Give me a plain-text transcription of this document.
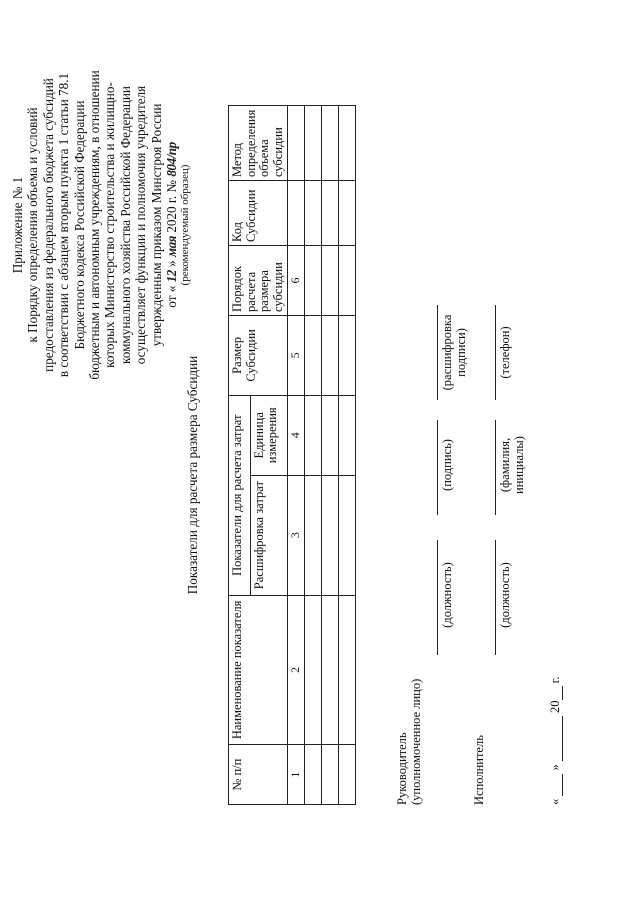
Приложение № 1 к Порядку определения объема и условий предоставления из федерального бюджета субсидий в соответствии с абзацем вторым пункта 1 статьи 78.1 Бюджетного кодекса Российской Федерации бюджетным и автономным учреждениям, в отношении которых Министерство строительства и жилищно- коммунального хозяйства Российской Федерации осуществляет функции и полномочия учредителя утвержденным приказом Минстроя России от « 12 » мая 2020 г. № 804/пр
(рекомендуемый образец)
Показатели для расчета размера Субсидии
№ п/п	Наименование показателя	Показатели для расчета затрат		Размер Субсидии	Порядок расчета размера субсидии	Код Субсидии	Метод определения объема субсидии
		Расшифровка затрат	Единица измерения				
1	2	3	4	5	6		

Руководитель (уполномоченное лицо)
(должность)
(подпись)
(расшифровка подписи)
Исполнитель
(должность)
(фамилия, инициалы)
(телефон)
«   »   20  г.
